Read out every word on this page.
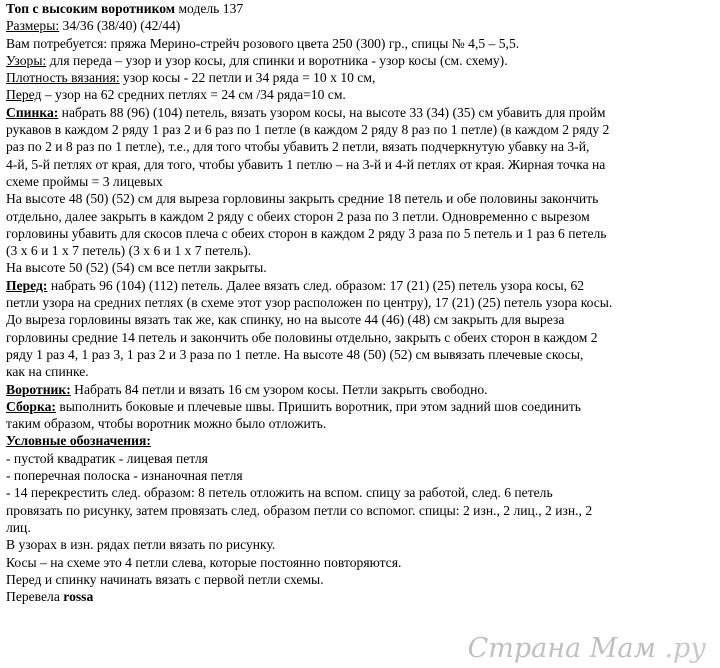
Топ с высоким воротником модель 137
Размеры: 34/36 (38/40) (42/44)
Вам потребуется: пряжа Мерино-стрейч розового цвета 250 (300) гр., спицы № 4,5 – 5,5.
Узоры: для переда – узор и узор косы, для спинки и воротника - узор косы (см. схему).
Плотность вязания: узор косы - 22 петли и 34 ряда = 10 х 10 см,
Перед – узор на 62 средних петлях = 24 см /34 ряда=10 см.
Спинка: набрать 88 (96) (104) петель, вязать узором косы, на высоте 33 (34) (35) см убавить для пройм
рукавов в каждом 2 ряду 1 раз 2 и 6 раз по 1 петле (в каждом 2 ряду 8 раз по 1 петле) (в каждом 2 ряду 2
раз по 2 и 8 раз по 1 петле), т.е., для того чтобы убавить 2 петли, вязать подчеркнутую убавку на 3-й,
4-й, 5-й петлях от края, для того, чтобы убавить 1 петлю – на 3-й и 4-й петлях от края. Жирная точка на
схеме проймы = 3 лицевых
На высоте 48 (50) (52) см для выреза горловины закрыть средние 18 петель и обе половины закончить
отдельно, далее закрыть в каждом 2 ряду с обеих сторон 2 раза по 3 петли. Одновременно с вырезом
горловины убавить для скосов плеча с обеих сторон в каждом 2 ряду 3 раза по 5 петель и 1 раз 6 петель
(3 х 6 и 1 х 7 петель) (3 х 6 и 1 х 7 петель).
На высоте 50 (52) (54) см все петли закрыты.
Перед: набрать 96 (104) (112) петель. Далее вязать след. образом: 17 (21) (25) петель узора косы, 62
петли узора на средних петлях (в схеме этот узор расположен по центру), 17 (21) (25) петель узора косы.
До выреза горловины вязать так же, как спинку, но на высоте 44 (46) (48) см закрыть для выреза
горловины средние 14 петель и закончить обе половины отдельно, закрыть с обеих сторон в каждом 2
ряду 1 раз 4, 1 раз 3, 1 раз 2 и 3 раза по 1 петле. На высоте 48 (50) (52) см вывязать плечевые скосы,
как на спинке.
Воротник: Набрать 84 петли и вязать 16 см узором косы. Петли закрыть свободно.
Сборка: выполнить боковые и плечевые швы. Пришить воротник, при этом задний шов соединить
таким образом, чтобы воротник можно было отложить.
Условные обозначения:
- пустой квадратик - лицевая петля
- поперечная полоска - изнаночная петля
- 14 перекрестить след. образом: 8 петель отложить на вспом. спицу за работой, след. 6 петель
провязать по рисунку, затем провязать след. образом петли со вспомог. спицы: 2 изн., 2 лиц., 2 изн., 2
лиц.
В узорах в изн. рядах петли вязать по рисунку.
Косы – на схеме это 4 петли слева, которые постоянно повторяются.
Перед и спинку начинать вязать с первой петли схемы.
Перевела rossa
Страна Мам .ру
